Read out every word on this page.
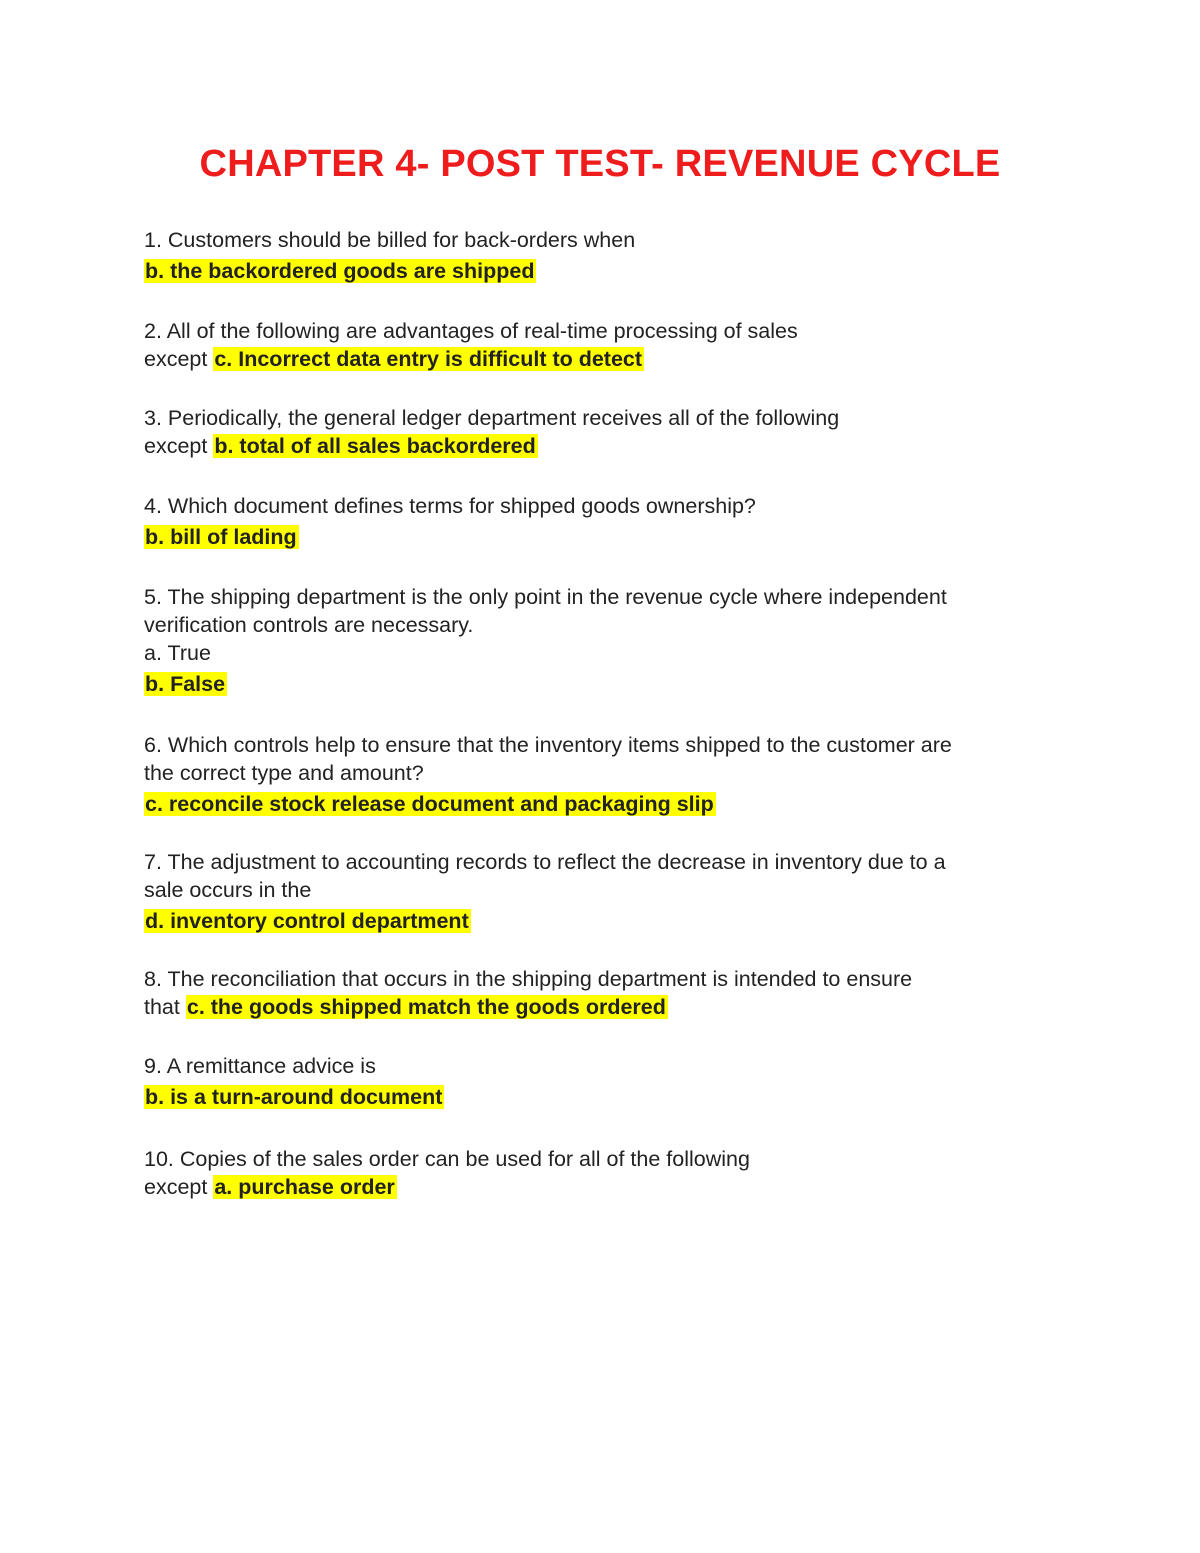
CHAPTER 4- POST TEST- REVENUE CYCLE
1. Customers should be billed for back-orders when
b. the backordered goods are shipped
2. All of the following are advantages of real-time processing of sales
except c. Incorrect data entry is difficult to detect
3. Periodically, the general ledger department receives all of the following
except b. total of all sales backordered
4. Which document defines terms for shipped goods ownership?
b. bill of lading
5. The shipping department is the only point in the revenue cycle where independent
verification controls are necessary.
a. True
b. False
6. Which controls help to ensure that the inventory items shipped to the customer are
the correct type and amount?
c. reconcile stock release document and packaging slip
7. The adjustment to accounting records to reflect the decrease in inventory due to a
sale occurs in the
d. inventory control department
8. The reconciliation that occurs in the shipping department is intended to ensure
that c. the goods shipped match the goods ordered
9. A remittance advice is
b. is a turn-around document
10. Copies of the sales order can be used for all of the following
except a. purchase order
